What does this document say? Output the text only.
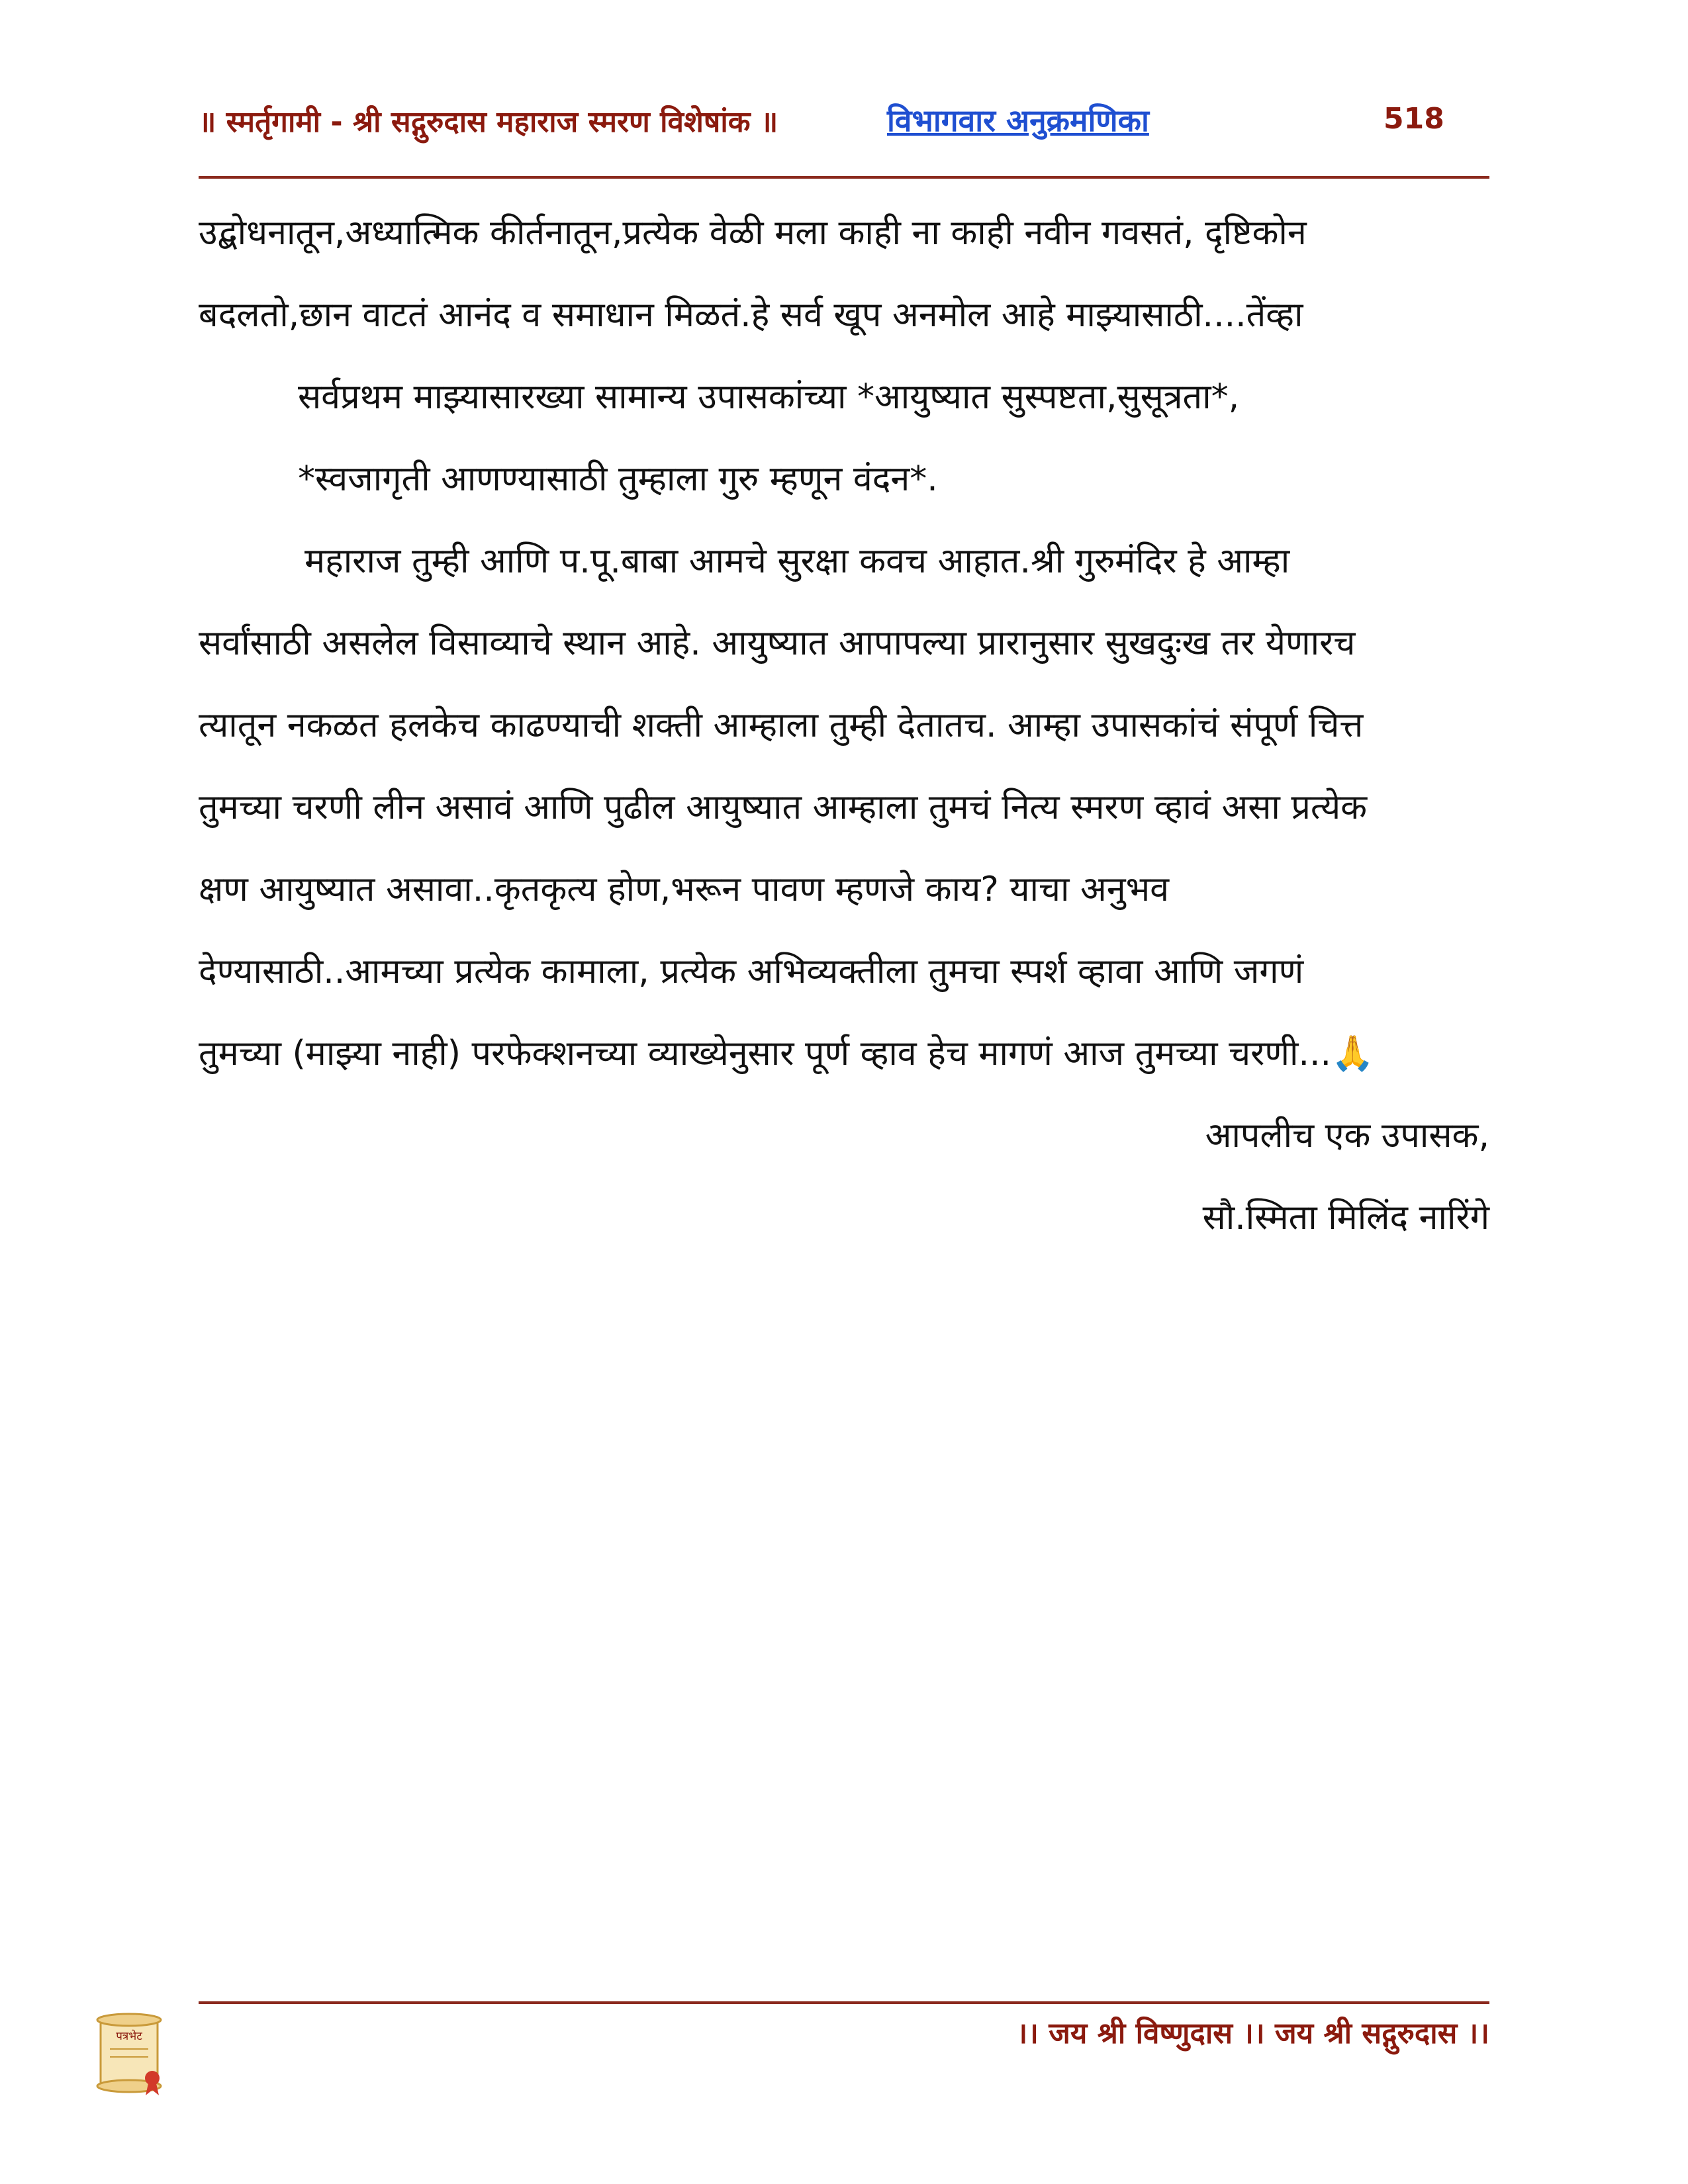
॥ स्मर्तृगामी - श्री सद्गुरुदास महाराज स्मरण विशेषांक ॥	विभागवार अनुक्रमणिका	518
उद्बोधनातून,अध्यात्मिक कीर्तनातून,प्रत्येक वेळी मला काही ना काही नवीन गवसतं, दृष्टिकोन
बदलतो,छान वाटतं आनंद व समाधान मिळतं.हे सर्व खूप अनमोल आहे माझ्यासाठी....तेंव्हा
सर्वप्रथम माझ्यासारख्या सामान्य उपासकांच्या *आयुष्यात सुस्पष्टता,सुसूत्रता*,
*स्वजागृती आणण्यासाठी तुम्हाला गुरु म्हणून वंदन*.
महाराज तुम्ही आणि प.पू.बाबा आमचे सुरक्षा कवच आहात.श्री गुरुमंदिर हे आम्हा
सर्वांसाठी असलेल विसाव्याचे स्थान आहे. आयुष्यात आपापल्या प्रारानुसार सुखदुःख तर येणारच
त्यातून नकळत हलकेच काढण्याची शक्ती आम्हाला तुम्ही देतातच. आम्हा उपासकांचं संपूर्ण चित्त
तुमच्या चरणी लीन असावं आणि पुढील आयुष्यात आम्हाला तुमचं नित्य स्मरण व्हावं असा प्रत्येक
क्षण आयुष्यात असावा..कृतकृत्य होण,भरून पावण म्हणजे काय? याचा अनुभव
देण्यासाठी..आमच्या प्रत्येक कामाला, प्रत्येक अभिव्यक्तीला तुमचा स्पर्श व्हावा आणि जगणं
तुमच्या (माझ्या नाही) परफेक्शनच्या व्याख्येनुसार पूर्ण व्हाव हेच मागणं आज तुमच्या चरणी...🙏
आपलीच एक उपासक,
सौ.स्मिता मिलिंद नारिंगे
पत्रभेट	।। जय श्री विष्णुदास ।। जय श्री सद्गुरुदास ।।
